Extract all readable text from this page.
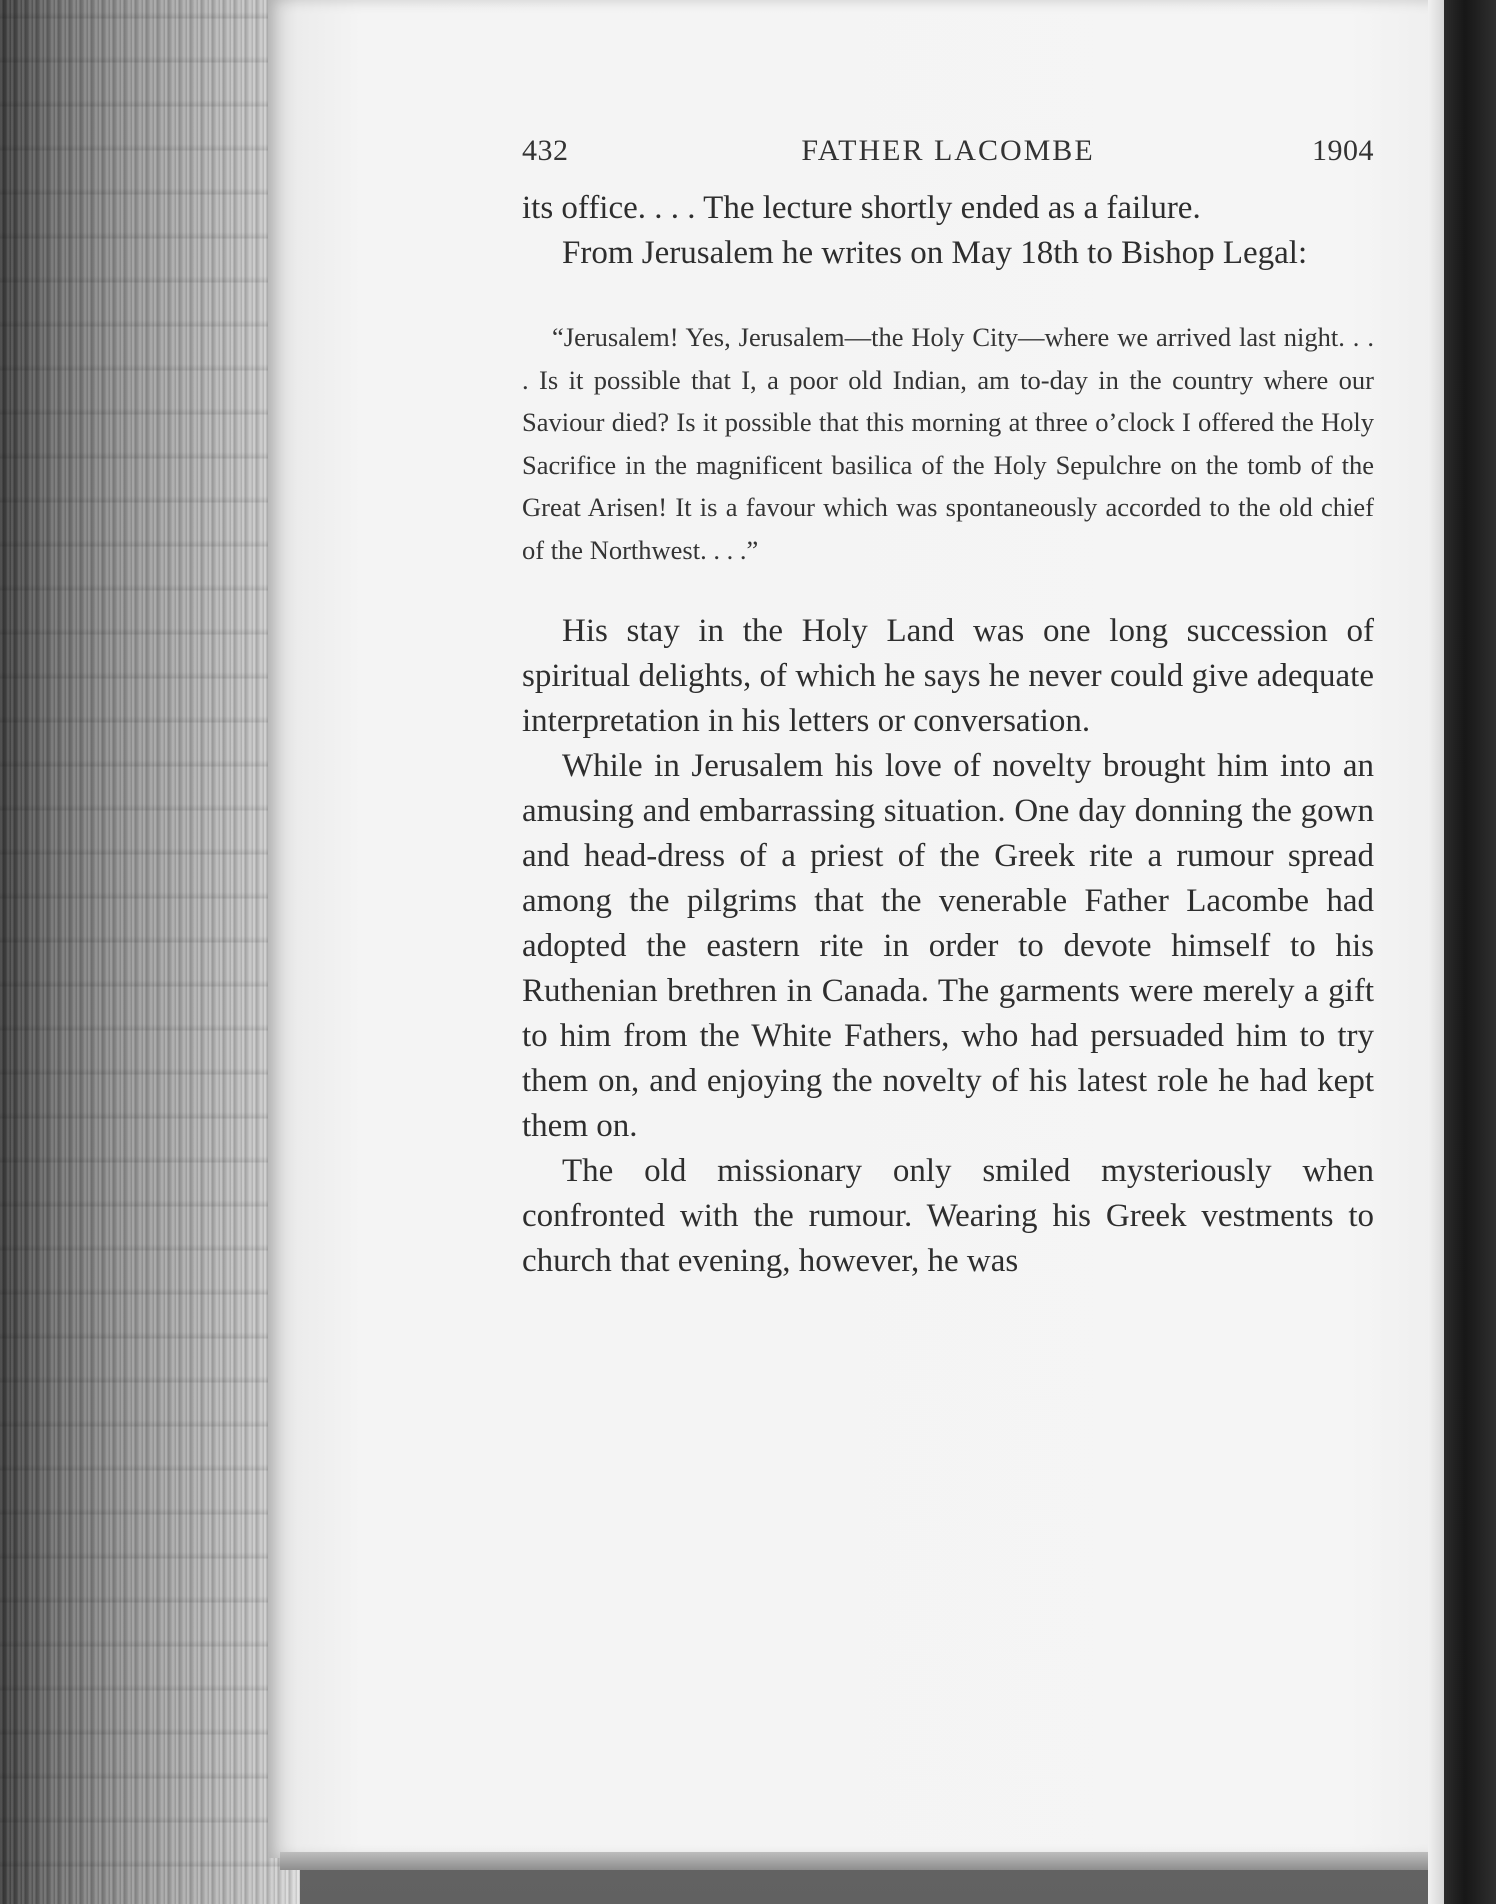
432	FATHER LACOMBE	1904

its office. . . . The lecture shortly ended as a failure.

From Jerusalem he writes on May 18th to Bishop Legal:

“Jerusalem! Yes, Jerusalem—the Holy City—where we arrived last night. . . . Is it possible that I, a poor old Indian, am to-day in the country where our Saviour died? Is it possible that this morning at three o’clock I offered the Holy Sacrifice in the magnificent basilica of the Holy Sepulchre on the tomb of the Great Arisen! It is a favour which was spontaneously accorded to the old chief of the Northwest. . . .”

His stay in the Holy Land was one long succession of spiritual delights, of which he says he never could give adequate interpretation in his letters or conversation.

While in Jerusalem his love of novelty brought him into an amusing and embarrassing situation. One day donning the gown and head-dress of a priest of the Greek rite a rumour spread among the pilgrims that the venerable Father Lacombe had adopted the eastern rite in order to devote himself to his Ruthenian brethren in Canada. The garments were merely a gift to him from the White Fathers, who had persuaded him to try them on, and enjoying the novelty of his latest role he had kept them on.

The old missionary only smiled mysteriously when confronted with the rumour. Wearing his Greek vestments to church that evening, however, he was
